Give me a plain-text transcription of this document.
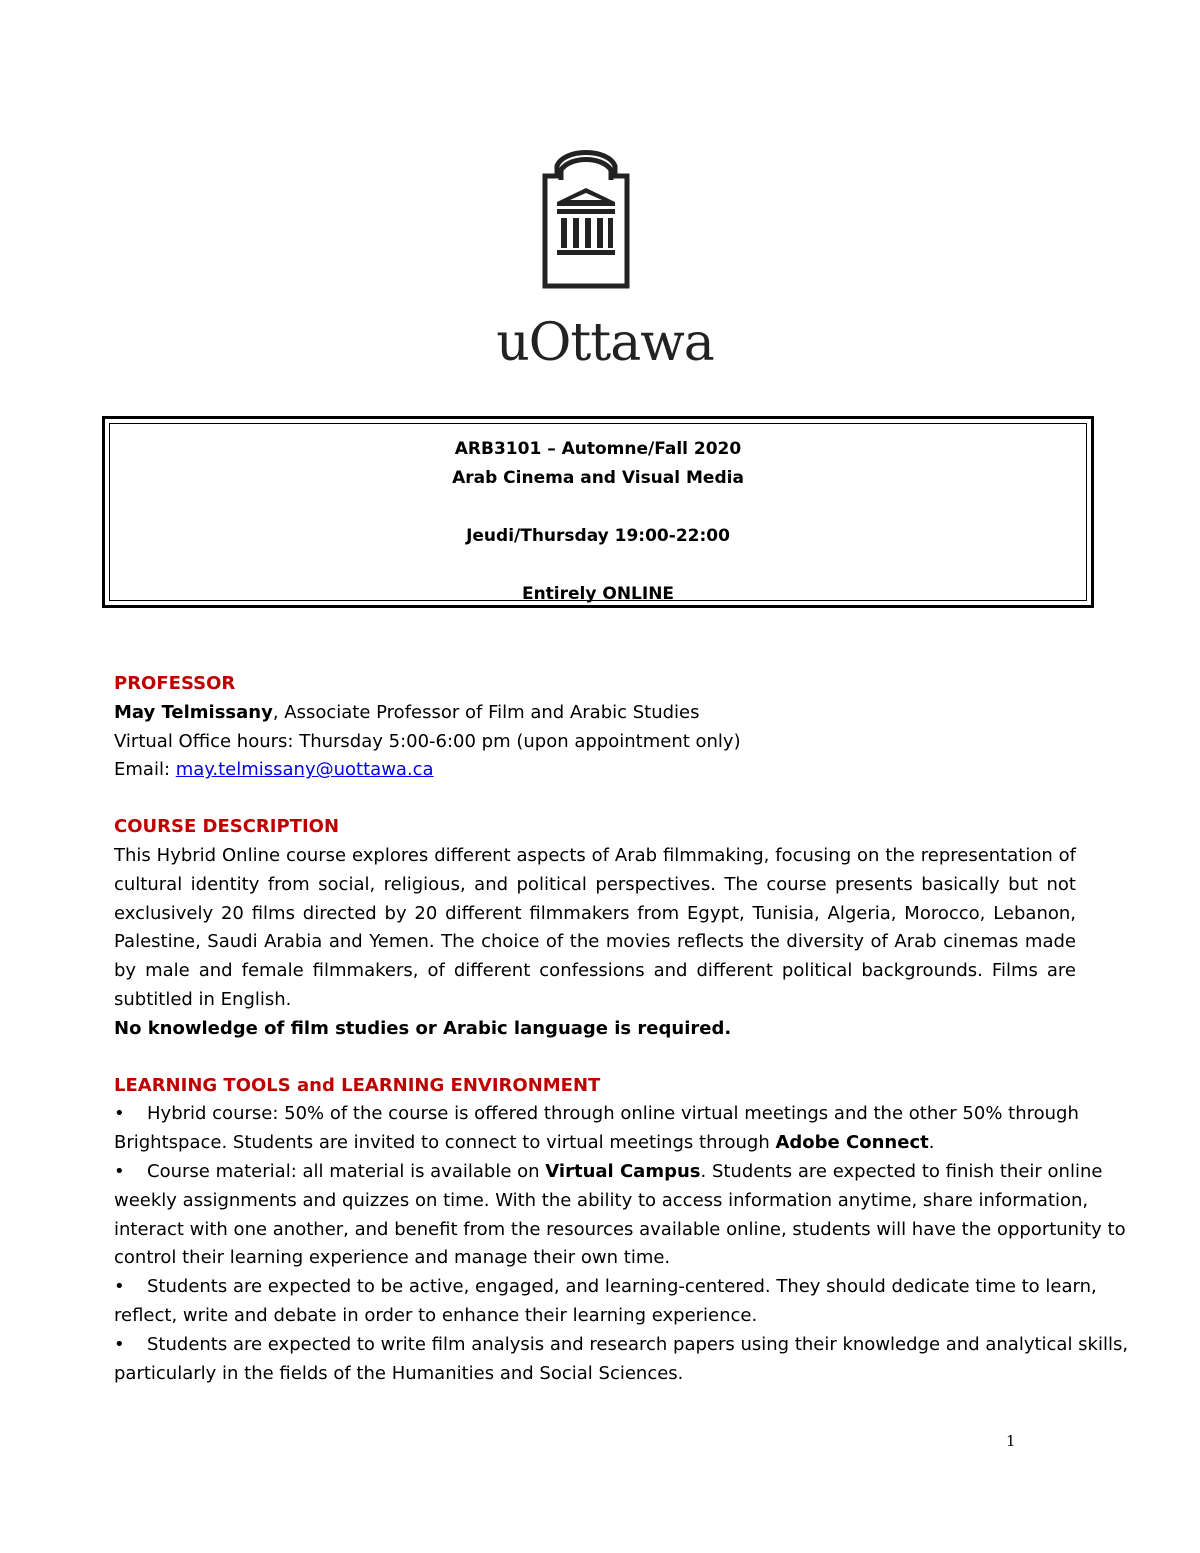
uOttawa
ARB3101 – Automne/Fall 2020
Arab Cinema and Visual Media
Jeudi/Thursday 19:00-22:00
Entirely ONLINE
PROFESSOR
May Telmissany, Associate Professor of Film and Arabic Studies
Virtual Office hours: Thursday 5:00-6:00 pm (upon appointment only)
Email: may.telmissany@uottawa.ca
COURSE DESCRIPTION
This Hybrid Online course explores different aspects of Arab filmmaking, focusing on the representation of cultural identity from social, religious, and political perspectives. The course presents basically but not exclusively 20 films directed by 20 different filmmakers from Egypt, Tunisia, Algeria, Morocco, Lebanon, Palestine, Saudi Arabia and Yemen. The choice of the movies reflects the diversity of Arab cinemas made by male and female filmmakers, of different confessions and different political backgrounds. Films are subtitled in English.
No knowledge of film studies or Arabic language is required.
LEARNING TOOLS and LEARNING ENVIRONMENT
• Hybrid course: 50% of the course is offered through online virtual meetings and the other 50% through Brightspace. Students are invited to connect to virtual meetings through Adobe Connect.
• Course material: all material is available on Virtual Campus. Students are expected to finish their online weekly assignments and quizzes on time. With the ability to access information anytime, share information, interact with one another, and benefit from the resources available online, students will have the opportunity to control their learning experience and manage their own time.
• Students are expected to be active, engaged, and learning-centered. They should dedicate time to learn, reflect, write and debate in order to enhance their learning experience.
• Students are expected to write film analysis and research papers using their knowledge and analytical skills, particularly in the fields of the Humanities and Social Sciences.
1
